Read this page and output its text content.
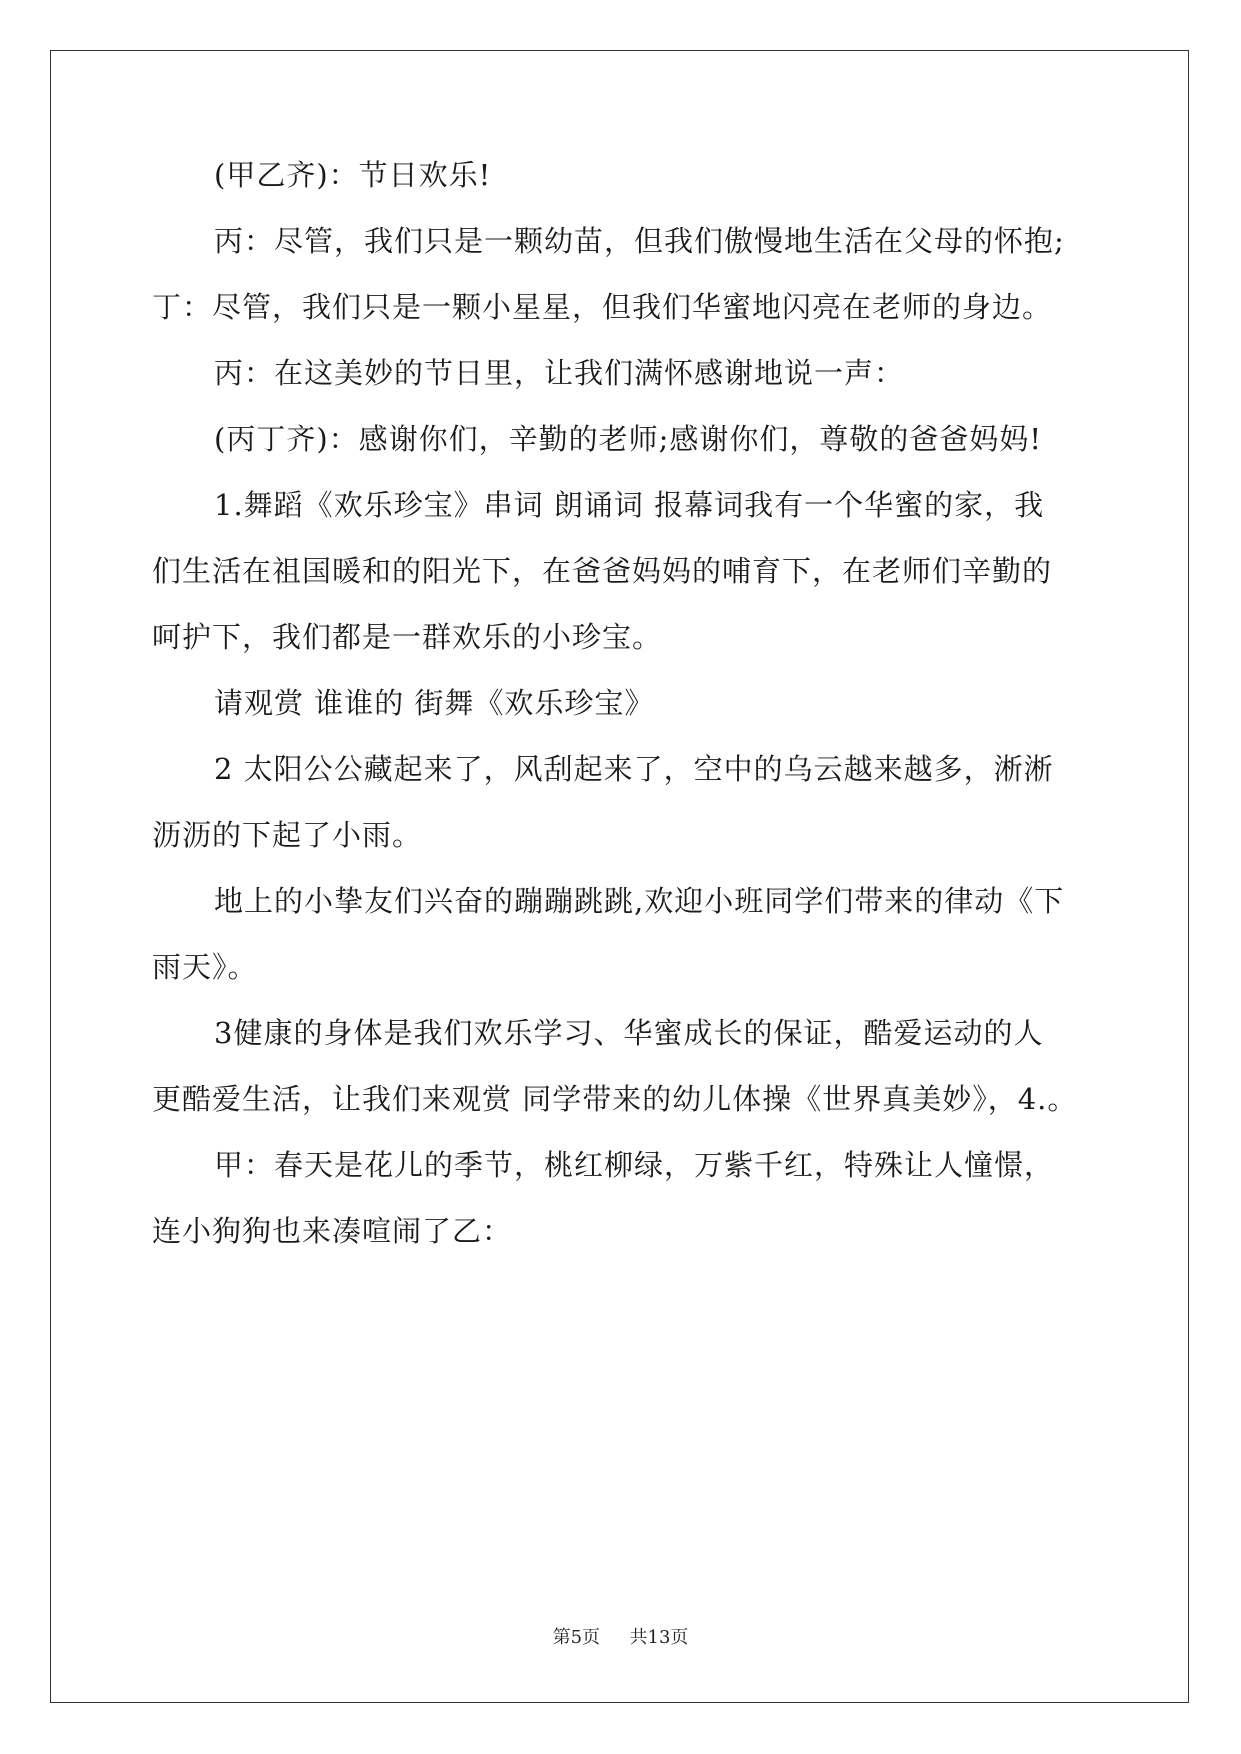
(甲乙齐)：节日欢乐!
丙：尽管，我们只是一颗幼苗，但我们傲慢地生活在父母的怀抱;
丁：尽管，我们只是一颗小星星，但我们华蜜地闪亮在老师的身边。
丙：在这美妙的节日里，让我们满怀感谢地说一声：
(丙丁齐)：感谢你们，辛勤的老师;感谢你们，尊敬的爸爸妈妈!
1.舞蹈《欢乐珍宝》串词 朗诵词 报幕词我有一个华蜜的家，我
们生活在祖国暖和的阳光下，在爸爸妈妈的哺育下，在老师们辛勤的
呵护下，我们都是一群欢乐的小珍宝。
请观赏 谁谁的 街舞《欢乐珍宝》
2 太阳公公藏起来了，风刮起来了，空中的乌云越来越多，淅淅
沥沥的下起了小雨。
地上的小挚友们兴奋的蹦蹦跳跳,欢迎小班同学们带来的律动《下
雨天》。
3健康的身体是我们欢乐学习、华蜜成长的保证，酷爱运动的人
更酷爱生活，让我们来观赏 同学带来的幼儿体操《世界真美妙》，4.。
甲：春天是花儿的季节，桃红柳绿，万紫千红，特殊让人憧憬，
连小狗狗也来凑喧闹了乙：
第5页 共13页
